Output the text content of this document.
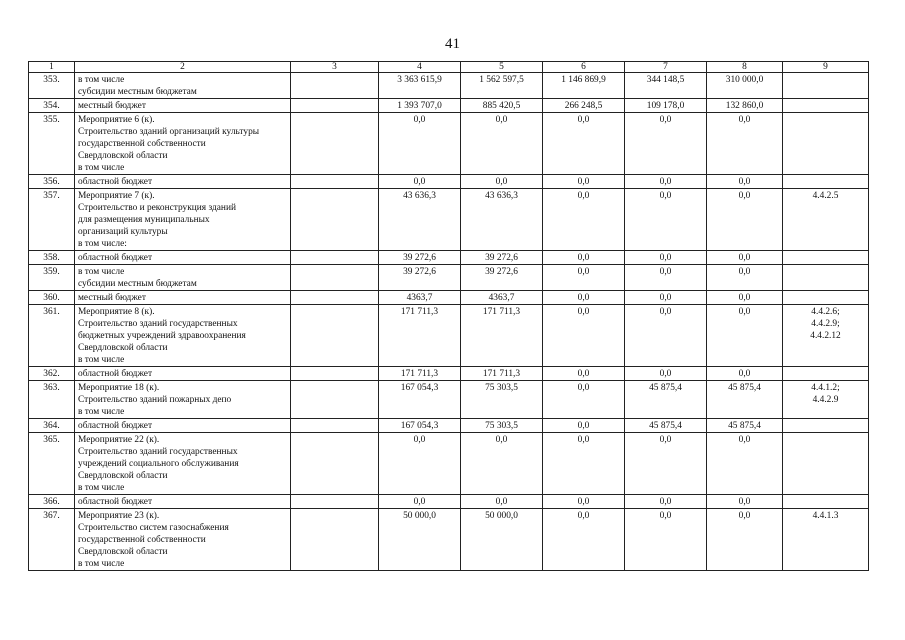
41
1	2	3	4	5	6	7	8	9
353.	в том числе
субсидии местным бюджетам		3 363 615,9	1 562 597,5	1 146 869,9	344 148,5	310 000,0	
354.	местный бюджет		1 393 707,0	885 420,5	266 248,5	109 178,0	132 860,0	
355.	Мероприятие 6 (к).
Строительство зданий организаций культуры
государственной собственности
Свердловской области
в том числе		0,0	0,0	0,0	0,0	0,0	
356.	областной бюджет		0,0	0,0	0,0	0,0	0,0	
357.	Мероприятие 7 (к).
Строительство и реконструкция зданий
для размещения муниципальных
организаций культуры
в том числе:		43 636,3	43 636,3	0,0	0,0	0,0	4.4.2.5

358.	областной бюджет		39 272,6	39 272,6	0,0	0,0	0,0	
359.	в том числе
субсидии местным бюджетам		39 272,6	39 272,6	0,0	0,0	0,0	
360.	местный бюджет		4363,7	4363,7	0,0	0,0	0,0	
361.	Мероприятие 8 (к).
Строительство зданий государственных
бюджетных учреждений здравоохранения
Свердловской области
в том числе		171 711,3	171 711,3	0,0	0,0	0,0	4.4.2.6;
4.4.2.9;
4.4.2.12

362.	областной бюджет		171 711,3	171 711,3	0,0	0,0	0,0	
363.	Мероприятие 18 (к).
Строительство зданий пожарных депо
в том числе		167 054,3	75 303,5	0,0	45 875,4	45 875,4	4.4.1.2;
4.4.2.9

364.	областной бюджет		167 054,3	75 303,5	0,0	45 875,4	45 875,4	
365.	Мероприятие 22 (к).
Строительство зданий государственных
учреждений социального обслуживания
Свердловской области
в том числе		0,0	0,0	0,0	0,0	0,0	
366.	областной бюджет		0,0	0,0	0,0	0,0	0,0	
367.	Мероприятие 23 (к).
Строительство систем газоснабжения
государственной собственности
Свердловской области
в том числе		50 000,0	50 000,0	0,0	0,0	0,0	4.4.1.3
